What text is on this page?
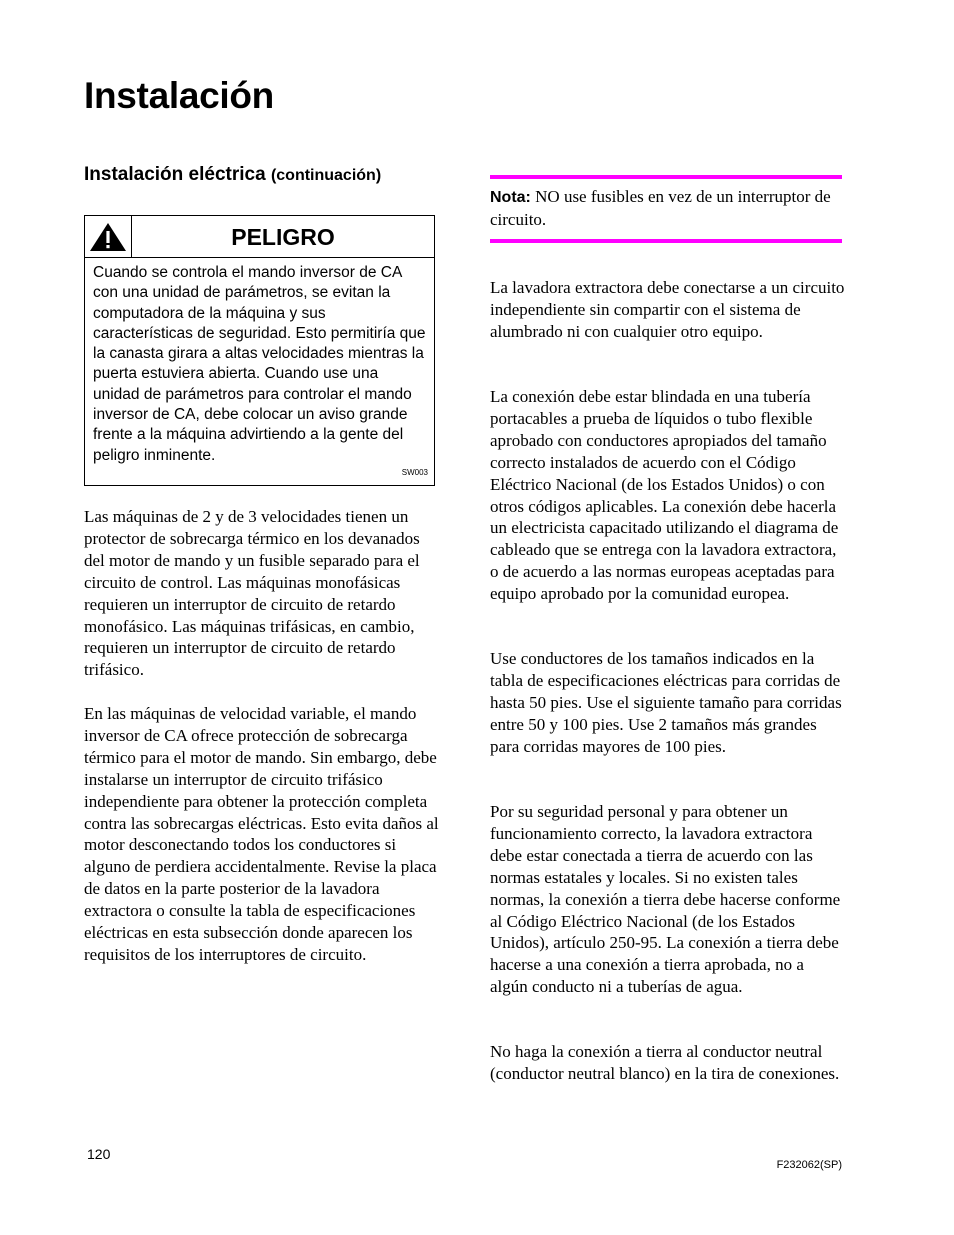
Instalación
Instalación eléctrica (continuación)
PELIGRO

Cuando se controla el mando inversor de CA con una unidad de parámetros, se evitan la computadora de la máquina y sus características de seguridad. Esto permitiría que la canasta girara a altas velocidades mientras la puerta estuviera abierta. Cuando use una unidad de parámetros para controlar el mando inversor de CA, debe colocar un aviso grande frente a la máquina advirtiendo a la gente del peligro inminente.

SW003

Las máquinas de 2 y de 3 velocidades tienen un protector de sobrecarga térmico en los devanados del motor de mando y un fusible separado para el circuito de control. Las máquinas monofásicas requieren un interruptor de circuito de retardo monofásico. Las máquinas trifásicas, en cambio, requieren un interruptor de circuito de retardo trifásico.

En las máquinas de velocidad variable, el mando inversor de CA ofrece protección de sobrecarga térmico para el motor de mando. Sin embargo, debe instalarse un interruptor de circuito trifásico independiente para obtener la protección completa contra las sobrecargas eléctricas. Esto evita daños al motor desconectando todos los conductores si alguno de perdiera accidentalmente. Revise la placa de datos en la parte posterior de la lavadora extractora o consulte la tabla de especificaciones eléctricas en esta subsección donde aparecen los requisitos de los interruptores de circuito.

Nota: NO use fusibles en vez de un interruptor de circuito.

La lavadora extractora debe conectarse a un circuito independiente sin compartir con el sistema de alumbrado ni con cualquier otro equipo.

La conexión debe estar blindada en una tubería portacables a prueba de líquidos o tubo flexible aprobado con conductores apropiados del tamaño correcto instalados de acuerdo con el Código Eléctrico Nacional (de los Estados Unidos) o con otros códigos aplicables. La conexión debe hacerla un electricista capacitado utilizando el diagrama de cableado que se entrega con la lavadora extractora, o de acuerdo a las normas europeas aceptadas para equipo aprobado por la comunidad europea.

Use conductores de los tamaños indicados en la tabla de especificaciones eléctricas para corridas de hasta 50 pies. Use el siguiente tamaño para corridas entre 50 y 100 pies. Use 2 tamaños más grandes para corridas mayores de 100 pies.

Por su seguridad personal y para obtener un funcionamiento correcto, la lavadora extractora debe estar conectada a tierra de acuerdo con las normas estatales y locales. Si no existen tales normas, la conexión a tierra debe hacerse conforme al Código Eléctrico Nacional (de los Estados Unidos), artículo 250-95. La conexión a tierra debe hacerse a una conexión a tierra aprobada, no a algún conducto ni a tuberías de agua.

No haga la conexión a tierra al conductor neutral (conductor neutral blanco) en la tira de conexiones.

120
F232062(SP)
